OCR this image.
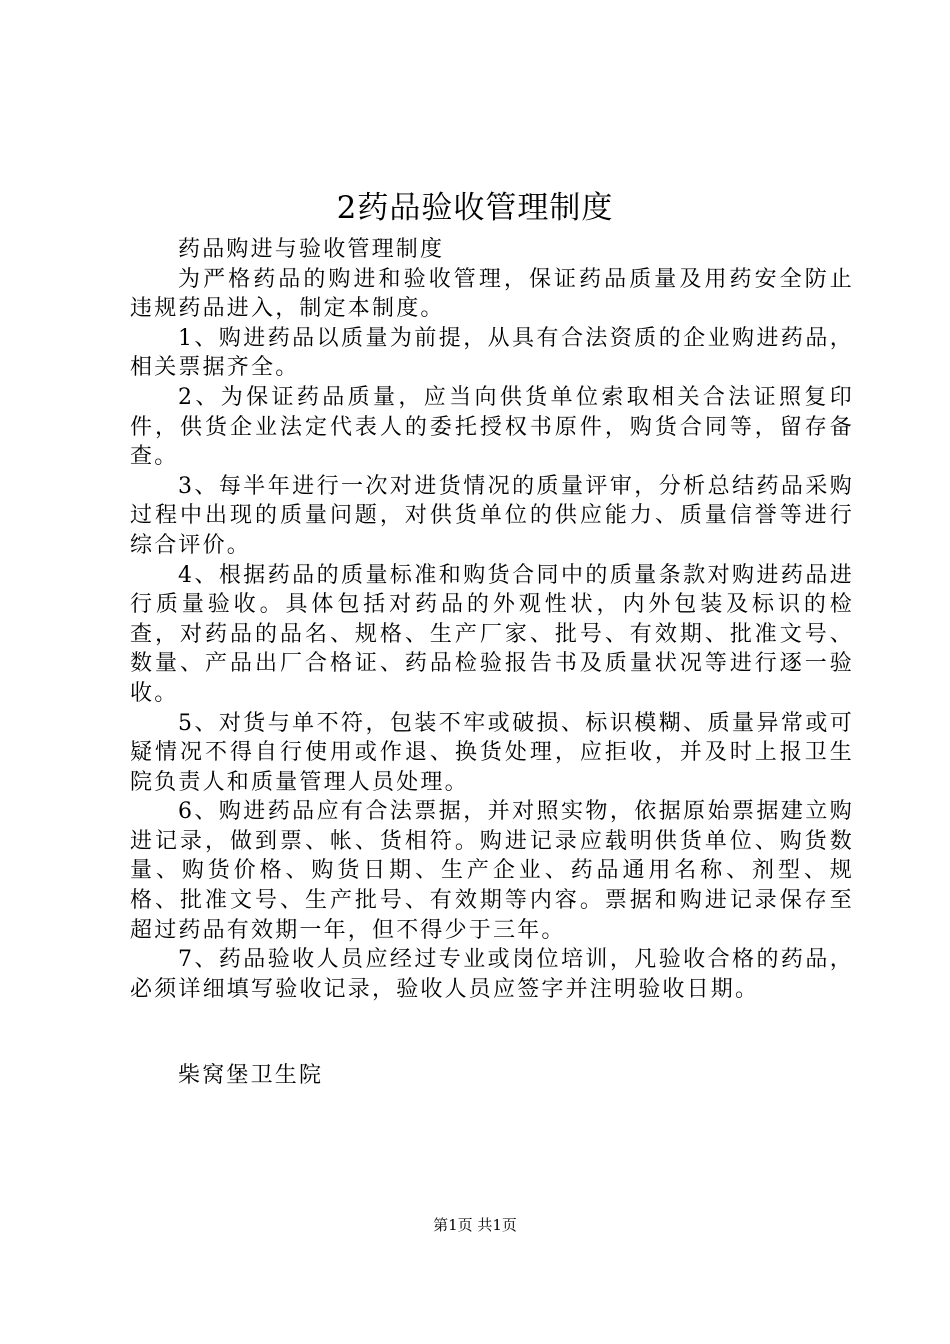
2药品验收管理制度

药品购进与验收管理制度

为严格药品的购进和验收管理，保证药品质量及用药安全防止违规药品进入，制定本制度。

1、购进药品以质量为前提，从具有合法资质的企业购进药品，相关票据齐全。

2、为保证药品质量，应当向供货单位索取相关合法证照复印件，供货企业法定代表人的委托授权书原件，购货合同等，留存备查。

3、每半年进行一次对进货情况的质量评审，分析总结药品采购过程中出现的质量问题，对供货单位的供应能力、质量信誉等进行综合评价。

4、根据药品的质量标准和购货合同中的质量条款对购进药品进行质量验收。具体包括对药品的外观性状，内外包装及标识的检查，对药品的品名、规格、生产厂家、批号、有效期、批准文号、数量、产品出厂合格证、药品检验报告书及质量状况等进行逐一验收。

5、对货与单不符，包装不牢或破损、标识模糊、质量异常或可疑情况不得自行使用或作退、换货处理，应拒收，并及时上报卫生院负责人和质量管理人员处理。

6、购进药品应有合法票据，并对照实物，依据原始票据建立购进记录，做到票、帐、货相符。购进记录应载明供货单位、购货数量、购货价格、购货日期、生产企业、药品通用名称、剂型、规格、批准文号、生产批号、有效期等内容。票据和购进记录保存至超过药品有效期一年，但不得少于三年。

7、药品验收人员应经过专业或岗位培训，凡验收合格的药品，必须详细填写验收记录，验收人员应签字并注明验收日期。

柴窝堡卫生院

第1页 共1页
